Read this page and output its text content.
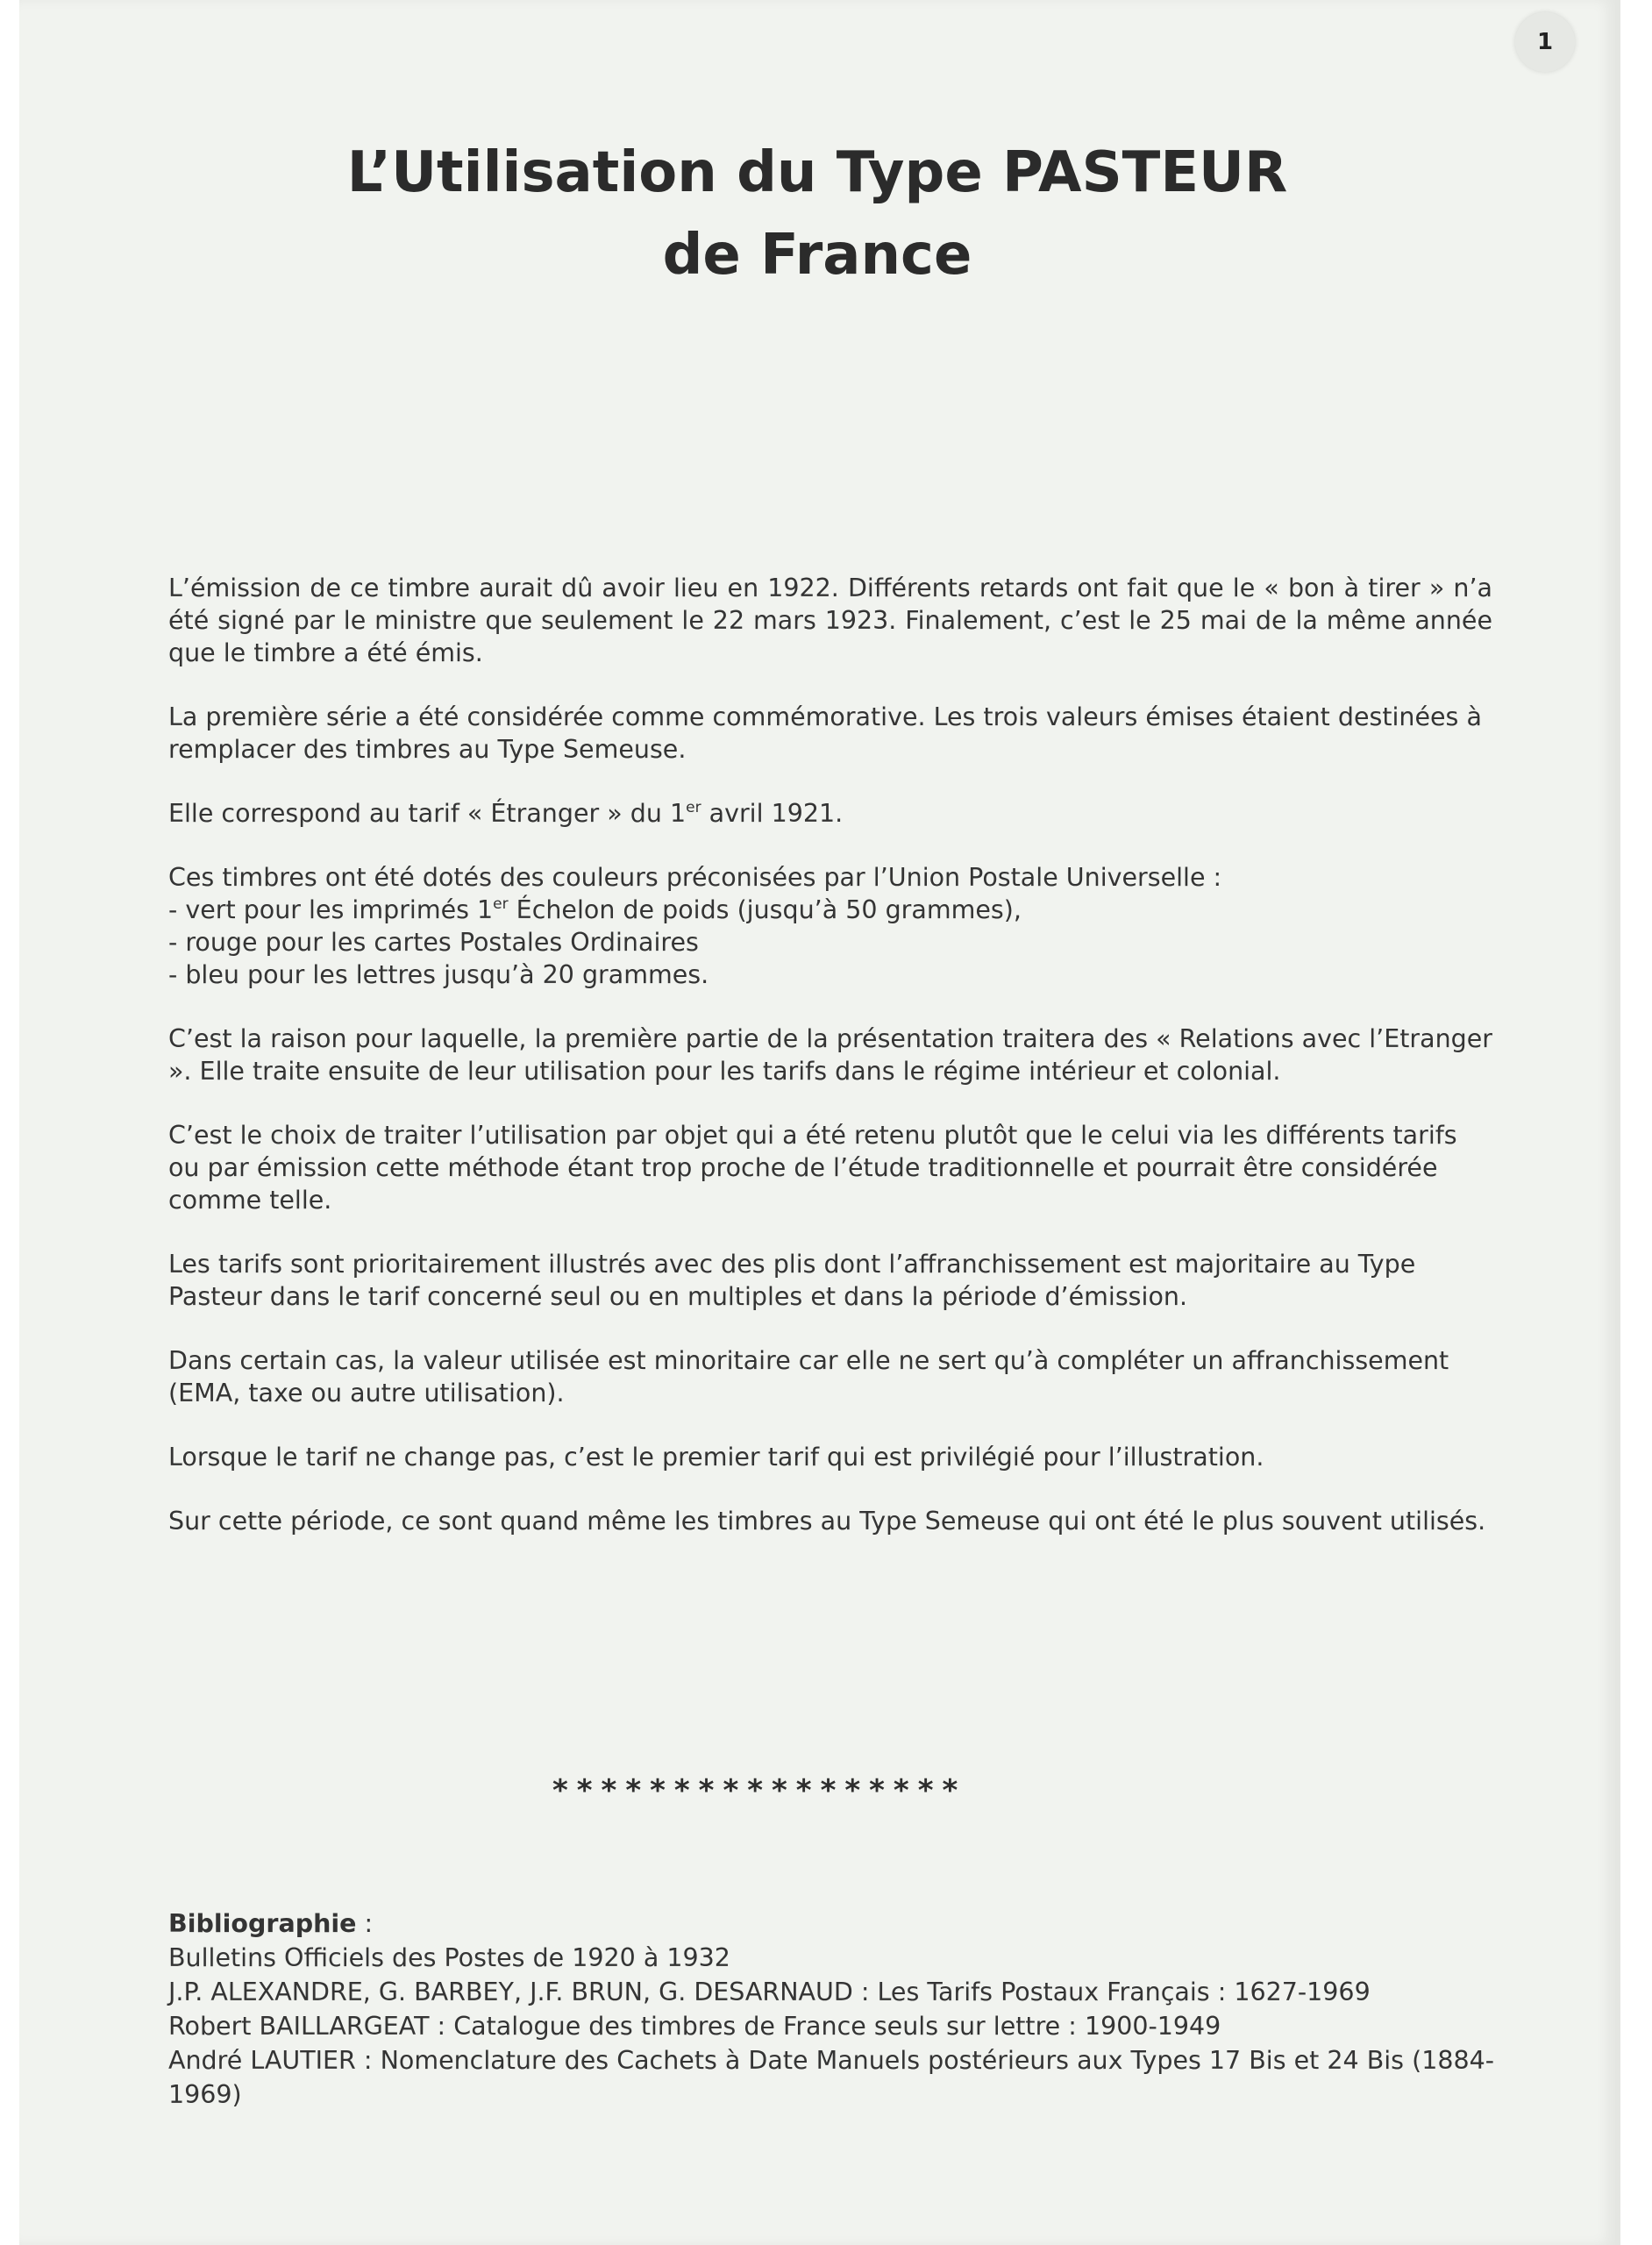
1
L’Utilisation du Type PASTEUR
de France

L’émission de ce timbre aurait dû avoir lieu en 1922. Différents retards ont fait que le « bon à tirer » n’a été signé par le ministre que seulement le 22 mars 1923. Finalement, c’est le 25 mai de la même année que le timbre a été émis.

La première série a été considérée comme commémorative. Les trois valeurs émises étaient destinées à remplacer des timbres au Type Semeuse.

Elle correspond au tarif « Étranger » du 1er avril 1921.

Ces timbres ont été dotés des couleurs préconisées par l’Union Postale Universelle :
- vert pour les imprimés 1er Échelon de poids (jusqu’à 50 grammes),
- rouge pour les cartes Postales Ordinaires
- bleu pour les lettres jusqu’à 20 grammes.

C’est la raison pour laquelle, la première partie de la présentation traitera des « Relations avec l’Etranger ». Elle traite ensuite de leur utilisation pour les tarifs dans le régime intérieur et colonial.

C’est le choix de traiter l’utilisation par objet qui a été retenu plutôt que le celui via les différents tarifs ou par émission cette méthode étant trop proche de l’étude traditionnelle et pourrait être considérée comme telle.

Les tarifs sont prioritairement illustrés avec des plis dont l’affranchissement est majoritaire au Type Pasteur dans le tarif concerné seul ou en multiples et dans la période d’émission.

Dans certain cas, la valeur utilisée est minoritaire car elle ne sert qu’à compléter un affranchissement (EMA, taxe ou autre utilisation).

Lorsque le tarif ne change pas, c’est le premier tarif qui est privilégié pour l’illustration.

Sur cette période, ce sont quand même les timbres au Type Semeuse qui ont été le plus souvent utilisés.

*****************
Bibliographie :
Bulletins Officiels des Postes de 1920 à 1932
J.P. ALEXANDRE, G. BARBEY, J.F. BRUN, G. DESARNAUD : Les Tarifs Postaux Français : 1627-1969
Robert BAILLARGEAT : Catalogue des timbres de France seuls sur lettre : 1900-1949
André LAUTIER : Nomenclature des Cachets à Date Manuels postérieurs aux Types 17 Bis et 24 Bis (1884-1969)
